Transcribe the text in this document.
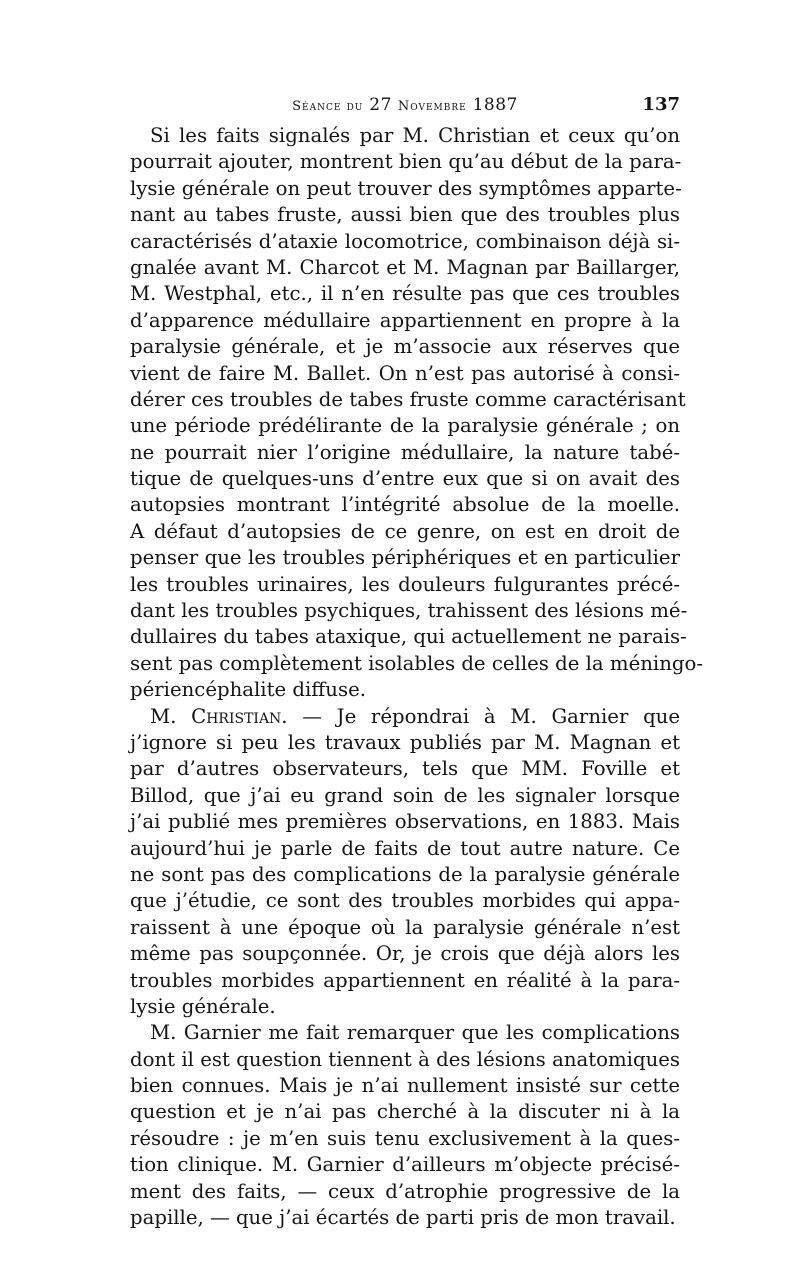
Séance du 27 Novembre 1887	137
Si les faits signalés par M. Christian et ceux qu’on
pourrait ajouter, montrent bien qu’au début de la para-
lysie générale on peut trouver des symptômes apparte-
nant au tabes fruste, aussi bien que des troubles plus
caractérisés d’ataxie locomotrice, combinaison déjà si-
gnalée avant M. Charcot et M. Magnan par Baillarger,
M. Westphal, etc., il n’en résulte pas que ces troubles
d’apparence médullaire appartiennent en propre à la
paralysie générale, et je m’associe aux réserves que
vient de faire M. Ballet. On n’est pas autorisé à consi-
dérer ces troubles de tabes fruste comme caractérisant
une période prédélirante de la paralysie générale ; on
ne pourrait nier l’origine médullaire, la nature tabé-
tique de quelques-uns d’entre eux que si on avait des
autopsies montrant l’intégrité absolue de la moelle.
A défaut d’autopsies de ce genre, on est en droit de
penser que les troubles périphériques et en particulier
les troubles urinaires, les douleurs fulgurantes précé-
dant les troubles psychiques, trahissent des lésions mé-
dullaires du tabes ataxique, qui actuellement ne parais-
sent pas complètement isolables de celles de la méningo-
périencéphalite diffuse.
M. Christian. — Je répondrai à M. Garnier que
j’ignore si peu les travaux publiés par M. Magnan et
par d’autres observateurs, tels que MM. Foville et
Billod, que j’ai eu grand soin de les signaler lorsque
j’ai publié mes premières observations, en 1883. Mais
aujourd’hui je parle de faits de tout autre nature. Ce
ne sont pas des complications de la paralysie générale
que j’étudie, ce sont des troubles morbides qui appa-
raissent à une époque où la paralysie générale n’est
même pas soupçonnée. Or, je crois que déjà alors les
troubles morbides appartiennent en réalité à la para-
lysie générale.
M. Garnier me fait remarquer que les complications
dont il est question tiennent à des lésions anatomiques
bien connues. Mais je n’ai nullement insisté sur cette
question et je n’ai pas cherché à la discuter ni à la
résoudre : je m’en suis tenu exclusivement à la ques-
tion clinique. M. Garnier d’ailleurs m’objecte précisé-
ment des faits, — ceux d’atrophie progressive de la
papille, — que j’ai écartés de parti pris de mon travail.
